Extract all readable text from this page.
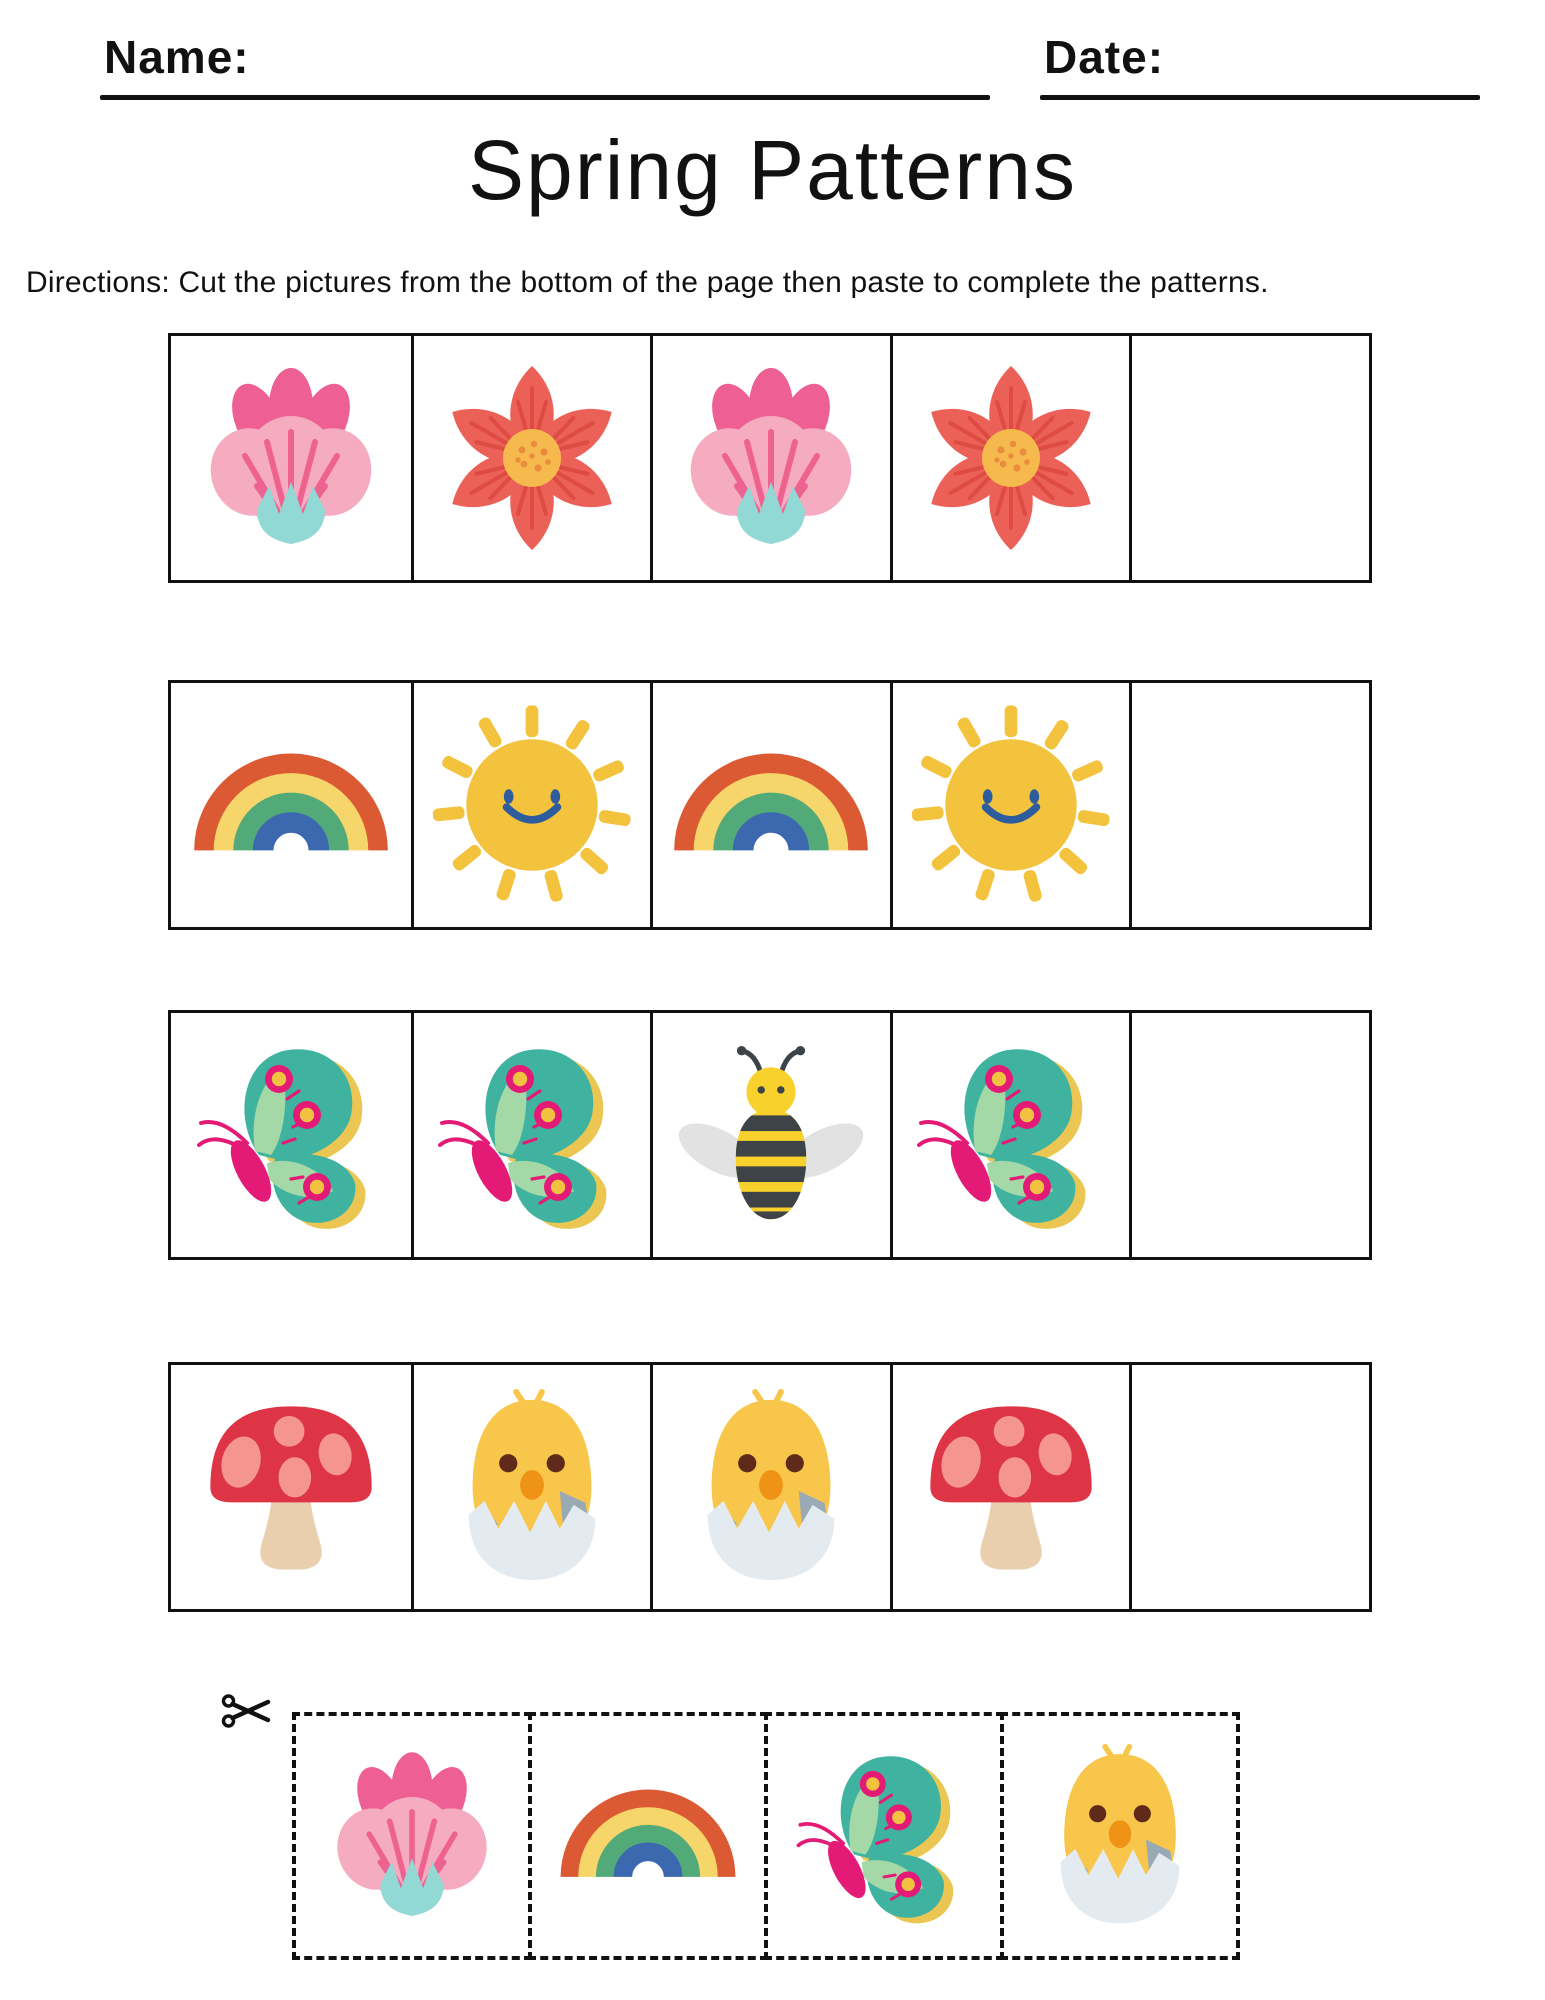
Name:	Date:
Spring Patterns

Directions: Cut the pictures from the bottom of the page then paste to complete the patterns.
